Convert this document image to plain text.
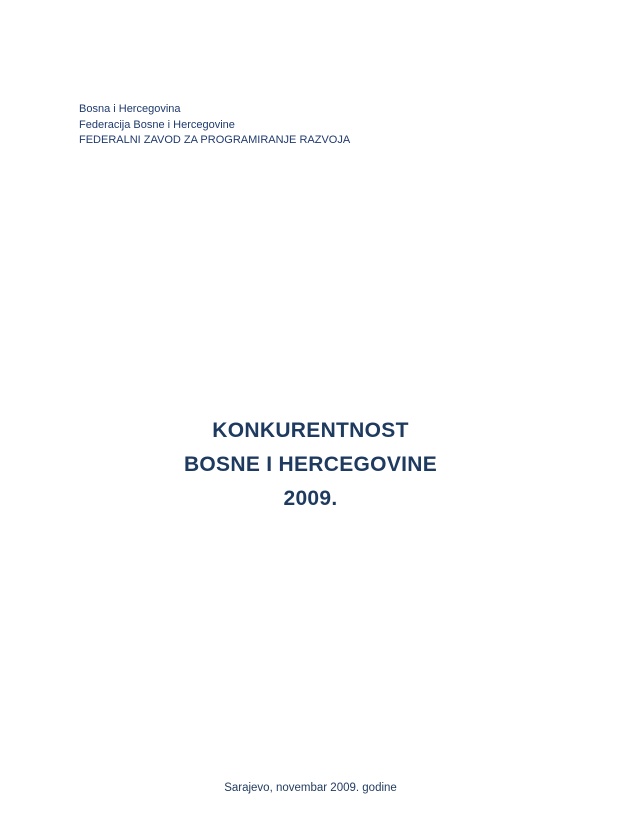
Bosna i Hercegovina
Federacija Bosne i Hercegovine
FEDERALNI ZAVOD ZA PROGRAMIRANJE RAZVOJA
KONKURENTNOST
BOSNE I HERCEGOVINE
2009.
Sarajevo, novembar 2009. godine
